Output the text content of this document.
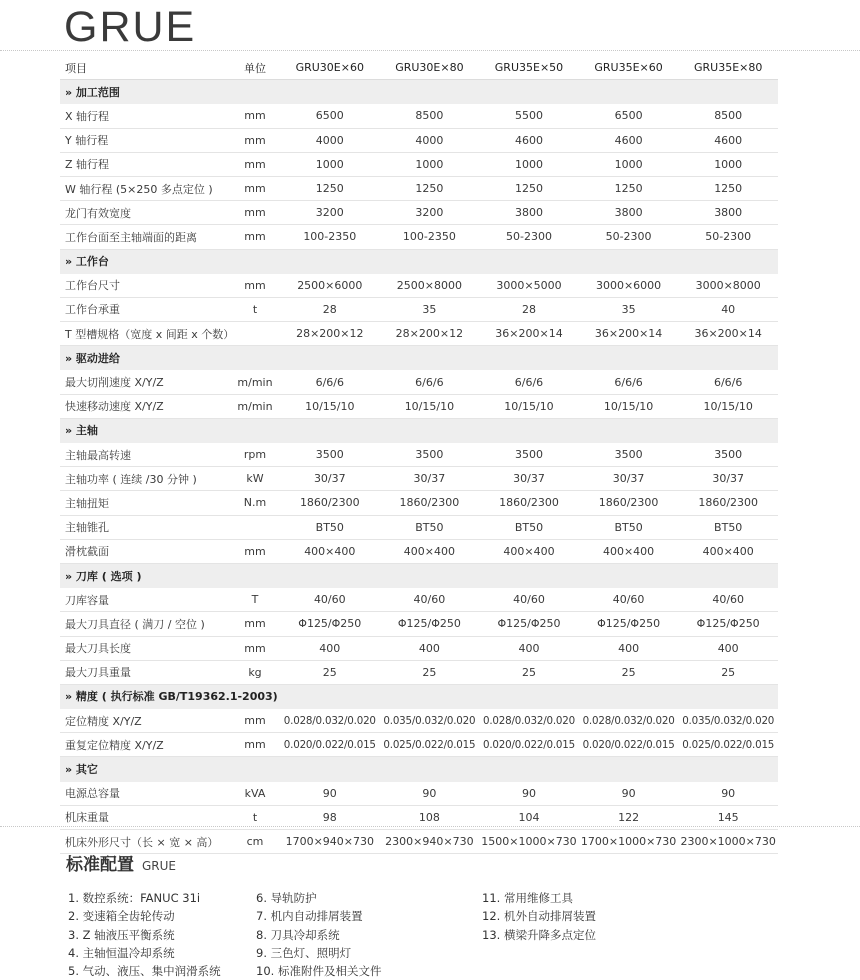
GRUE
项目	单位	GRU30E×60	GRU30E×80	GRU35E×50	GRU35E×60	GRU35E×80
» 加工范围						
X 轴行程	mm	6500	8500	5500	6500	8500
Y 轴行程	mm	4000	4000	4600	4600	4600
Z 轴行程	mm	1000	1000	1000	1000	1000
W 轴行程 (5×250 多点定位 )	mm	1250	1250	1250	1250	1250
龙门有效宽度	mm	3200	3200	3800	3800	3800
工作台面至主轴端面的距离	mm	100-2350	100-2350	50-2300	50-2300	50-2300
» 工作台						
工作台尺寸	mm	2500×6000	2500×8000	3000×5000	3000×6000	3000×8000
工作台承重	t	28	35	28	35	40
T 型槽规格（宽度 x 间距 x 个数）		28×200×12	28×200×12	36×200×14	36×200×14	36×200×14
» 驱动进给						
最大切削速度 X/Y/Z	m/min	6/6/6	6/6/6	6/6/6	6/6/6	6/6/6
快速移动速度 X/Y/Z	m/min	10/15/10	10/15/10	10/15/10	10/15/10	10/15/10
» 主轴						
主轴最高转速	rpm	3500	3500	3500	3500	3500
主轴功率 ( 连续 /30 分钟 )	kW	30/37	30/37	30/37	30/37	30/37
主轴扭矩	N.m	1860/2300	1860/2300	1860/2300	1860/2300	1860/2300
主轴锥孔		BT50	BT50	BT50	BT50	BT50
滑枕截面	mm	400×400	400×400	400×400	400×400	400×400
» 刀库 ( 选项 )						
刀库容量	T	40/60	40/60	40/60	40/60	40/60
最大刀具直径 ( 满刀 / 空位 )	mm	Φ125/Φ250	Φ125/Φ250	Φ125/Φ250	Φ125/Φ250	Φ125/Φ250
最大刀具长度	mm	400	400	400	400	400
最大刀具重量	kg	25	25	25	25	25
» 精度 ( 执行标准 GB/T19362.1-2003)						
定位精度 X/Y/Z	mm	0.028/0.032/0.020	0.035/0.032/0.020	0.028/0.032/0.020	0.028/0.032/0.020	0.035/0.032/0.020
重复定位精度 X/Y/Z	mm	0.020/0.022/0.015	0.025/0.022/0.015	0.020/0.022/0.015	0.020/0.022/0.015	0.025/0.022/0.015
» 其它						
电源总容量	kVA	90	90	90	90	90
机床重量	t	98	108	104	122	145
机床外形尺寸（长 × 宽 × 高）	cm	1700×940×730	2300×940×730	1500×1000×730	1700×1000×730	2300×1000×730
标准配置 GRUE
1. 数控系统：FANUC 31i
2. 变速箱全齿轮传动
3. Z 轴液压平衡系统
4. 主轴恒温冷却系统
5. 气动、液压、集中润滑系统
6. 导轨防护
7. 机内自动排屑装置
8. 刀具冷却系统
9. 三色灯、照明灯
10. 标准附件及相关文件
11. 常用维修工具
12. 机外自动排屑装置
13. 横梁升降多点定位
